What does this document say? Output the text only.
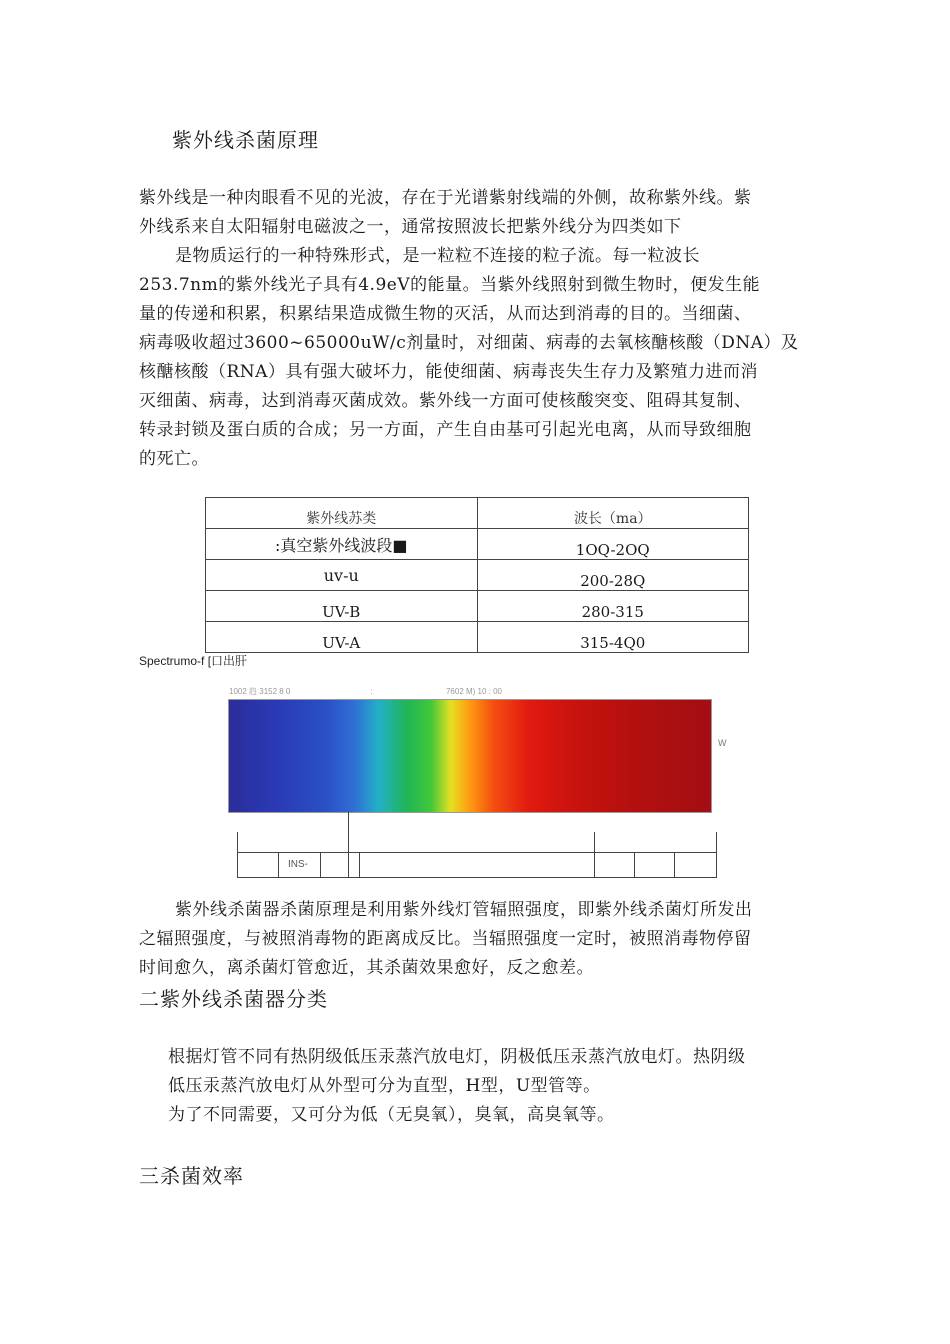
紫外线杀菌原理
紫外线是一种肉眼看不见的光波，存在于光谱紫射线端的外侧，故称紫外线。紫
外线系来自太阳辐射电磁波之一，通常按照波长把紫外线分为四类如下
是物质运行的一种特殊形式，是一粒粒不连接的粒子流。每一粒波长
253.7nm的紫外线光子具有4.9eV的能量。当紫外线照射到微生物时，便发生能
量的传递和积累，积累结果造成微生物的灭活，从而达到消毒的目的。当细菌、
病毒吸收超过3600~65000uW/c剂量时，对细菌、病毒的去氧核醣核酸（DNA）及
核醣核酸（RNA）具有强大破坏力，能使细菌、病毒丧失生存力及繁殖力进而消
灭细菌、病毒，达到消毒灭菌成效。紫外线一方面可使核酸突变、阻碍其复制、
转录封锁及蛋白质的合成；另一方面，产生自由基可引起光电离，从而导致细胞
的死亡。
紫外线苏类	波长（ma）
:真空紫外线波段■	1OQ-2OQ
uv-u	200-28Q
UV-B	280-315
UV-A	315-4Q0
Spectrumo-f [口出肝
1002 趋 3152 8 0                                    :                                 7602 M) 10 : 00
W
INS-
紫外线杀菌器杀菌原理是利用紫外线灯管辐照强度，即紫外线杀菌灯所发出
之辐照强度，与被照消毒物的距离成反比。当辐照强度一定时，被照消毒物停留
时间愈久，离杀菌灯管愈近，其杀菌效果愈好，反之愈差。
二紫外线杀菌器分类
根据灯管不同有热阴级低压汞蒸汽放电灯，阴极低压汞蒸汽放电灯。热阴级
低压汞蒸汽放电灯从外型可分为直型，H型，U型管等。
为了不同需要，又可分为低（无臭氧），臭氧，高臭氧等。
三杀菌效率
